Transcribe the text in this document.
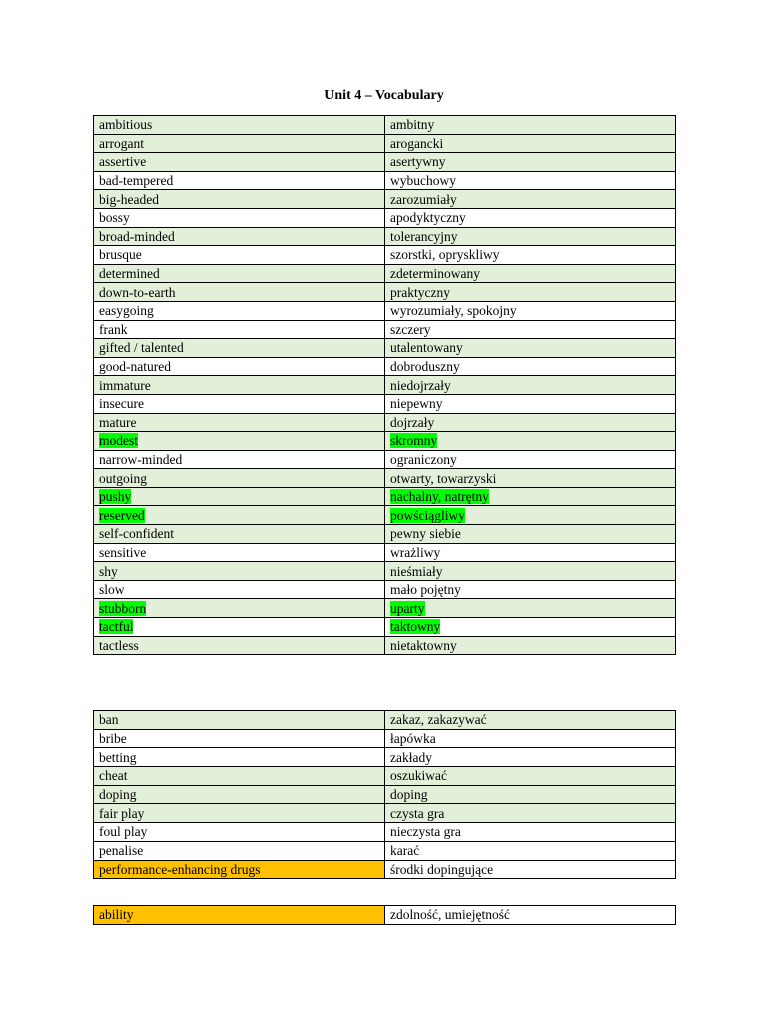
Unit 4 – Vocabulary
ambitious	ambitny
arrogant	arogancki
assertive	asertywny
bad-tempered	wybuchowy
big-headed	zarozumiały
bossy	apodyktyczny
broad-minded	tolerancyjny
brusque	szorstki, opryskliwy
determined	zdeterminowany
down-to-earth	praktyczny
easygoing	wyrozumiały, spokojny
frank	szczery
gifted / talented	utalentowany
good-natured	dobroduszny
immature	niedojrzały
insecure	niepewny
mature	dojrzały
modest	skromny
narrow-minded	ograniczony
outgoing	otwarty, towarzyski
pushy	nachalny, natrętny
reserved	powściągliwy
self-confident	pewny siebie
sensitive	wrażliwy
shy	nieśmiały
slow	mało pojętny
stubborn	uparty
tactful	taktowny
tactless	nietaktowny
ban	zakaz, zakazywać
bribe	łapówka
betting	zakłady
cheat	oszukiwać
doping	doping
fair play	czysta gra
foul play	nieczysta gra
penalise	karać
performance-enhancing drugs	środki dopingujące
ability	zdolność, umiejętność
